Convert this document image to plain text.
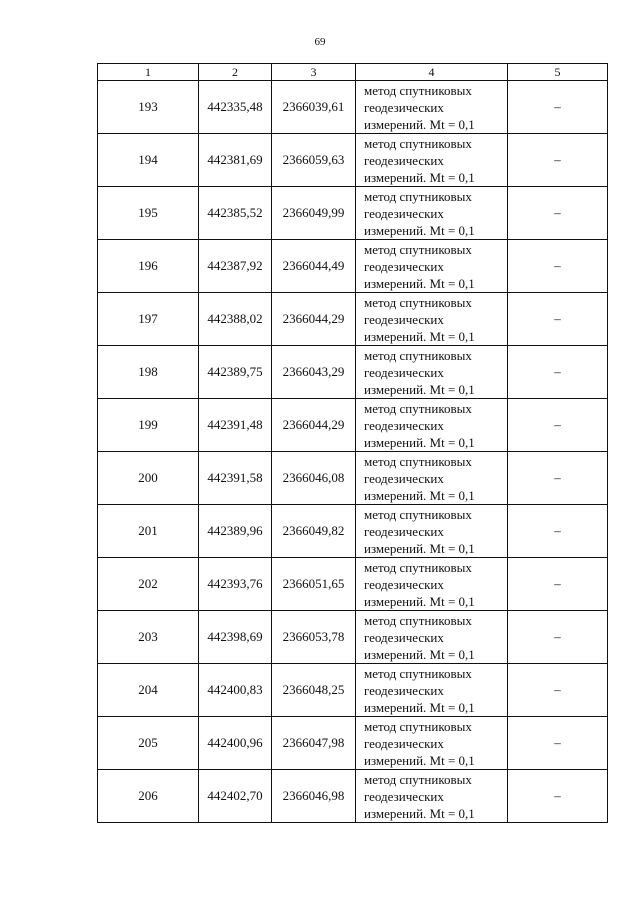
69
1	2	3	4	5
193	442335,48	2366039,61	метод спутниковых
геодезических
измерений. Mt = 0,1	–
194	442381,69	2366059,63	метод спутниковых
геодезических
измерений. Mt = 0,1	–
195	442385,52	2366049,99	метод спутниковых
геодезических
измерений. Mt = 0,1	–
196	442387,92	2366044,49	метод спутниковых
геодезических
измерений. Mt = 0,1	–
197	442388,02	2366044,29	метод спутниковых
геодезических
измерений. Mt = 0,1	–
198	442389,75	2366043,29	метод спутниковых
геодезических
измерений. Mt = 0,1	–
199	442391,48	2366044,29	метод спутниковых
геодезических
измерений. Mt = 0,1	–
200	442391,58	2366046,08	метод спутниковых
геодезических
измерений. Mt = 0,1	–
201	442389,96	2366049,82	метод спутниковых
геодезических
измерений. Mt = 0,1	–
202	442393,76	2366051,65	метод спутниковых
геодезических
измерений. Mt = 0,1	–
203	442398,69	2366053,78	метод спутниковых
геодезических
измерений. Mt = 0,1	–
204	442400,83	2366048,25	метод спутниковых
геодезических
измерений. Mt = 0,1	–
205	442400,96	2366047,98	метод спутниковых
геодезических
измерений. Mt = 0,1	–
206	442402,70	2366046,98	метод спутниковых
геодезических
измерений. Mt = 0,1	–
